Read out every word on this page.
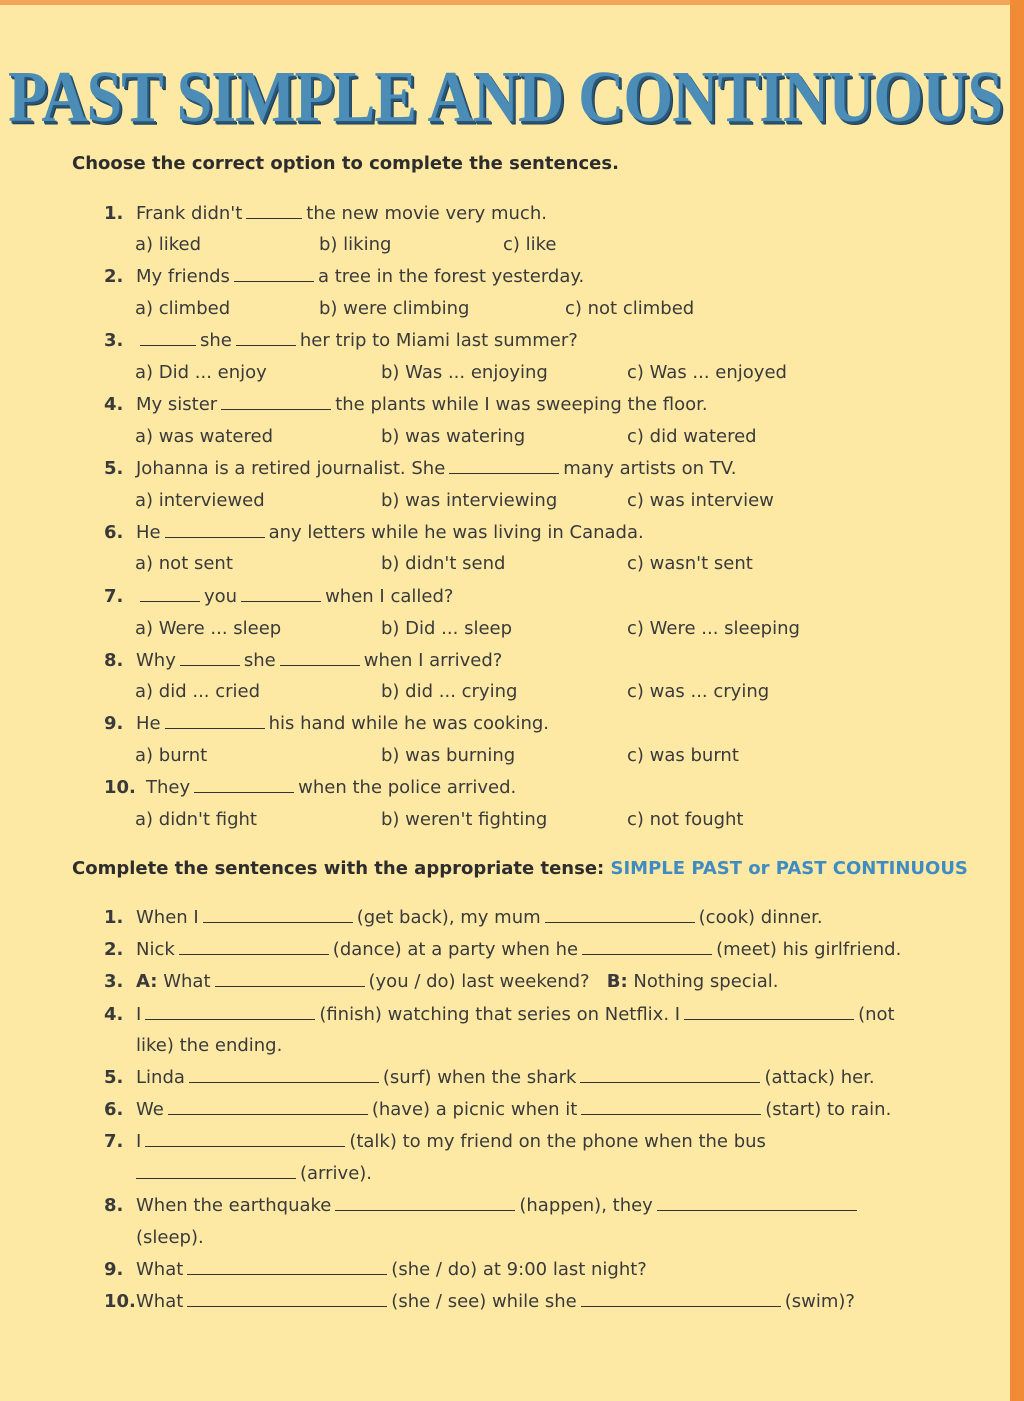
PAST SIMPLE AND CONTINUOUS
Choose the correct option to complete the sentences.
1. Frank didn't	the new movie very much.
a) liked	b) liking	c) like
2. My friends	a tree in the forest yesterday.
a) climbed	b) were climbing	c) not climbed
3.	she	her trip to Miami last summer?
a) Did ... enjoy	b) Was ... enjoying	c) Was ... enjoyed
4. My sister	the plants while I was sweeping the floor.
a) was watered	b) was watering	c) did watered
5. Johanna is a retired journalist. She	many artists on TV.
a) interviewed	b) was interviewing	c) was interview
6. He	any letters while he was living in Canada.
a) not sent	b) didn't send	c) wasn't sent
7.	you	when I called?
a) Were ... sleep	b) Did ... sleep	c) Were ... sleeping
8. Why	she	when I arrived?
a) did ... cried	b) did ... crying	c) was ... crying
9. He	his hand while he was cooking.
a) burnt	b) was burning	c) was burnt
10. They	when the police arrived.
a) didn't fight	b) weren't fighting	c) not fought
Complete the sentences with the appropriate tense: SIMPLE PAST or PAST CONTINUOUS
1. When I	(get back), my mum	(cook) dinner.
2. Nick	(dance) at a party when he	(meet) his girlfriend.
3. A: What	(you / do) last weekend? B: Nothing special.
4. I	(finish) watching that series on Netflix. I	(not
like) the ending.
5. Linda	(surf) when the shark	(attack) her.
6. We	(have) a picnic when it	(start) to rain.
7. I	(talk) to my friend on the phone when the bus
(arrive).
8. When the earthquake	(happen), they
(sleep).
9. What	(she / do) at 9:00 last night?
10.What	(she / see) while she	(swim)?
